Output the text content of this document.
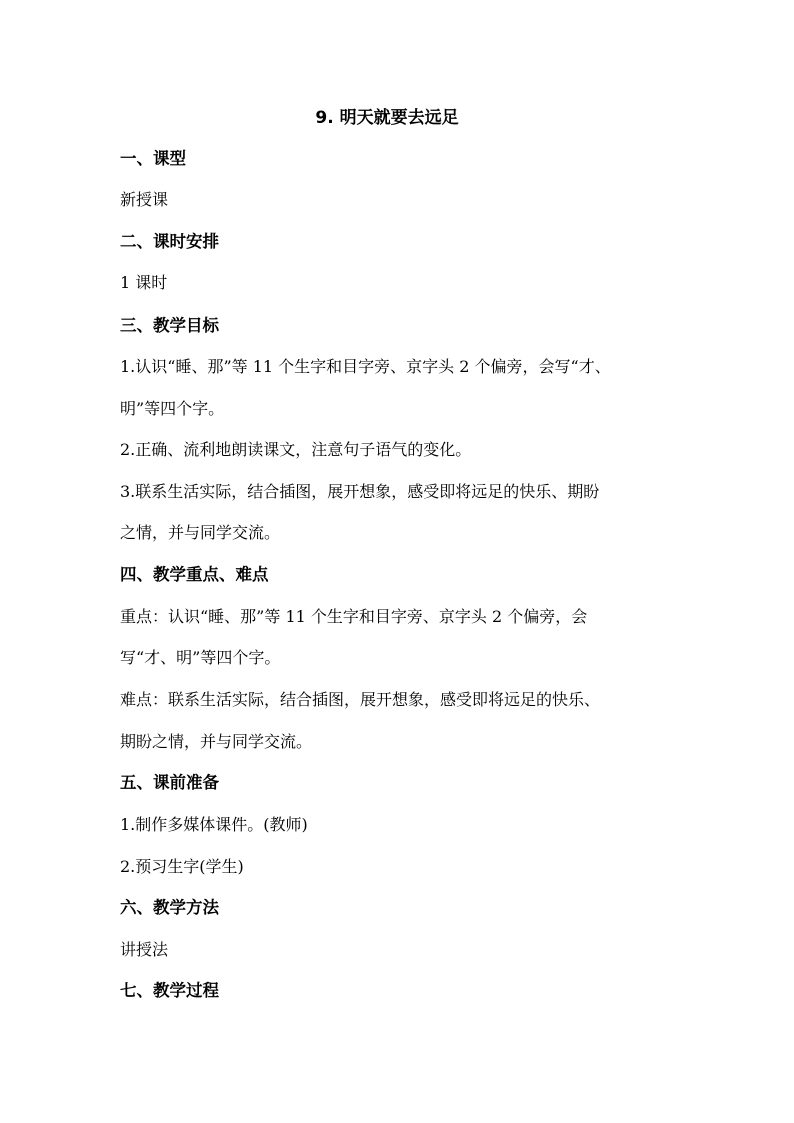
9. 明天就要去远足
一、课型
新授课
二、课时安排
1 课时
三、教学目标
1.认识“睡、那”等 11 个生字和目字旁、京字头 2 个偏旁，会写“才、
明”等四个字。
2.正确、流利地朗读课文，注意句子语气的变化。
3.联系生活实际，结合插图，展开想象，感受即将远足的快乐、期盼
之情，并与同学交流。
四、教学重点、难点
重点：认识“睡、那”等 11 个生字和目字旁、京字头 2 个偏旁，会
写“才、明”等四个字。
难点：联系生活实际，结合插图，展开想象，感受即将远足的快乐、
期盼之情，并与同学交流。
五、课前准备
1.制作多媒体课件。(教师)
2.预习生字(学生)
六、教学方法
讲授法
七、教学过程
